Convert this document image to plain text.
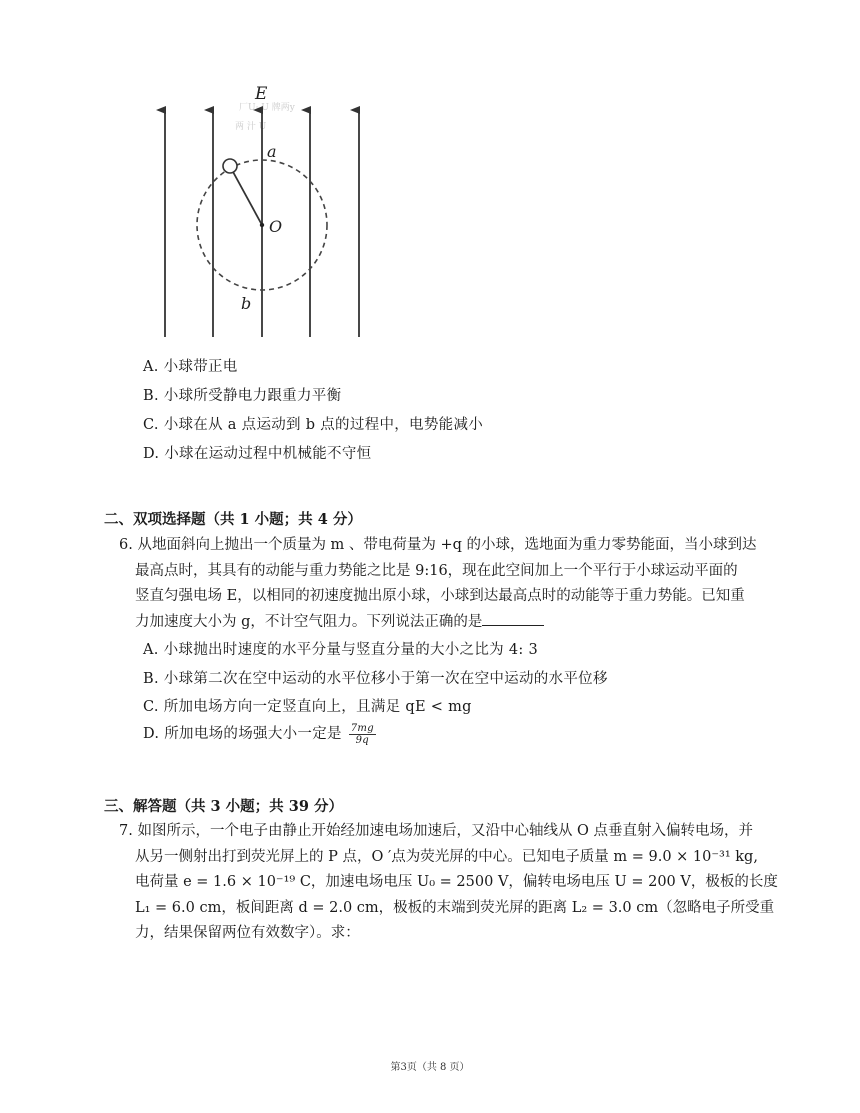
厂U· U 牌两y
两 汁 U
E
a
b
O
A. 小球带正电
B. 小球所受静电力跟重力平衡
C. 小球在从 a 点运动到 b 点的过程中，电势能减小
D. 小球在运动过程中机械能不守恒
二、双项选择题（共 1 小题；共 4 分）

6. 从地面斜向上抛出一个质量为 m 、带电荷量为 +q 的小球，选地面为重力零势能面，当小球到达

最高点时，其具有的动能与重力势能之比是 9:16，现在此空间加上一个平行于小球运动平面的

竖直匀强电场 E，以相同的初速度抛出原小球，小球到达最高点时的动能等于重力势能。已知重

力加速度大小为 g，不计空气阻力。下列说法正确的是

A. 小球抛出时速度的水平分量与竖直分量的大小之比为 4: 3
B. 小球第二次在空中运动的水平位移小于第一次在空中运动的水平位移
C. 所加电场方向一定竖直向上，且满足 qE < mg
D. 所加电场的场强大小一定是 $\frac{7mg}{9q}$
三、解答题（共 3 小题；共 39 分）

7. 如图所示，一个电子由静止开始经加速电场加速后，又沿中心轴线从 O 点垂直射入偏转电场，并

从另一侧射出打到荧光屏上的 P 点，O ′点为荧光屏的中心。已知电子质量 m = 9.0 × 10⁻³¹ kg,

电荷量 e = 1.6 × 10⁻¹⁹ C，加速电场电压 U₀ = 2500 V，偏转电场电压 U = 200 V，极板的长度

L₁ = 6.0 cm，板间距离 d = 2.0 cm，极板的末端到荧光屏的距离 L₂ = 3.0 cm（忽略电子所受重

力，结果保留两位有效数字）。求：

第3页（共 8 页）
